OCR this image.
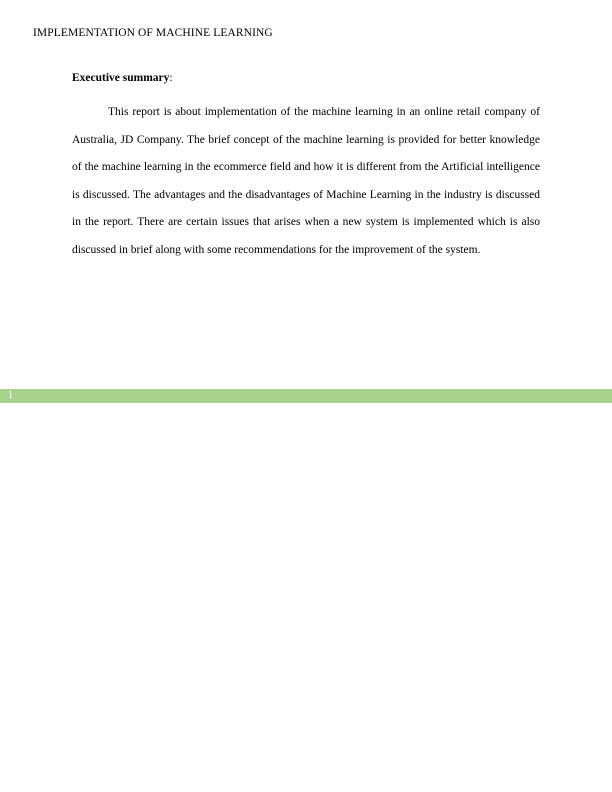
IMPLEMENTATION OF MACHINE LEARNING
Executive summary:

This report is about implementation of the machine learning in an online retail company of Australia, JD Company. The brief concept of the machine learning is provided for better knowledge of the machine learning in the ecommerce field and how it is different from the Artificial intelligence is discussed. The advantages and the disadvantages of Machine Learning in the industry is discussed in the report. There are certain issues that arises when a new system is implemented which is also discussed in brief along with some recommendations for the improvement of the system.

1
